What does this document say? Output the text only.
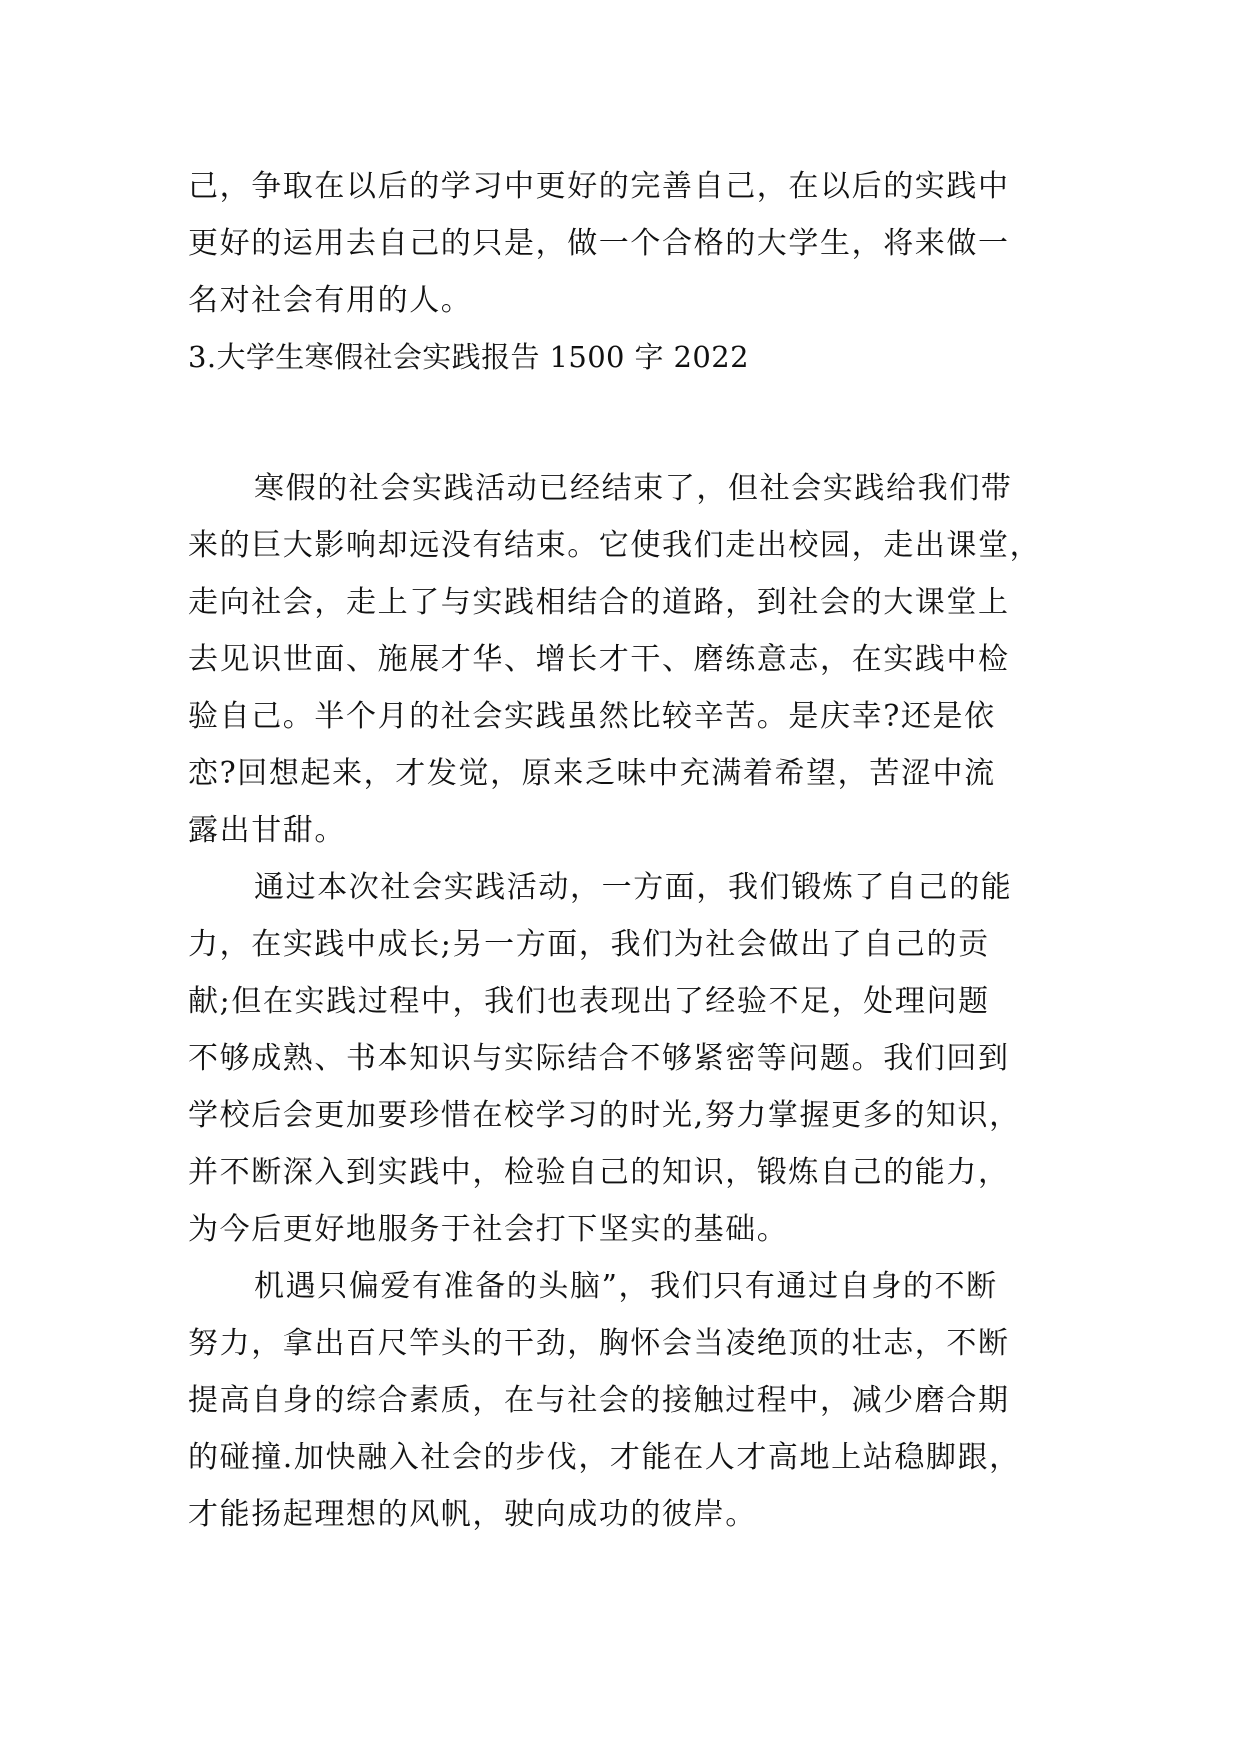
己，争取在以后的学习中更好的完善自己，在以后的实践中
更好的运用去自己的只是，做一个合格的大学生，将来做一
名对社会有用的人。
3.大学生寒假社会实践报告 1500 字 2022
寒假的社会实践活动已经结束了，但社会实践给我们带
来的巨大影响却远没有结束。它使我们走出校园，走出课堂，
走向社会，走上了与实践相结合的道路，到社会的大课堂上
去见识世面、施展才华、增长才干、磨练意志，在实践中检
验自己。半个月的社会实践虽然比较辛苦。是庆幸?还是依
恋?回想起来，才发觉，原来乏味中充满着希望，苦涩中流
露出甘甜。
通过本次社会实践活动，一方面，我们锻炼了自己的能
力，在实践中成长;另一方面，我们为社会做出了自己的贡
献;但在实践过程中，我们也表现出了经验不足，处理问题
不够成熟、书本知识与实际结合不够紧密等问题。我们回到
学校后会更加要珍惜在校学习的时光,努力掌握更多的知识，
并不断深入到实践中，检验自己的知识，锻炼自己的能力，
为今后更好地服务于社会打下坚实的基础。
机遇只偏爱有准备的头脑”，我们只有通过自身的不断
努力，拿出百尺竿头的干劲，胸怀会当凌绝顶的壮志，不断
提高自身的综合素质，在与社会的接触过程中，减少磨合期
的碰撞.加快融入社会的步伐，才能在人才高地上站稳脚跟，
才能扬起理想的风帆，驶向成功的彼岸。
